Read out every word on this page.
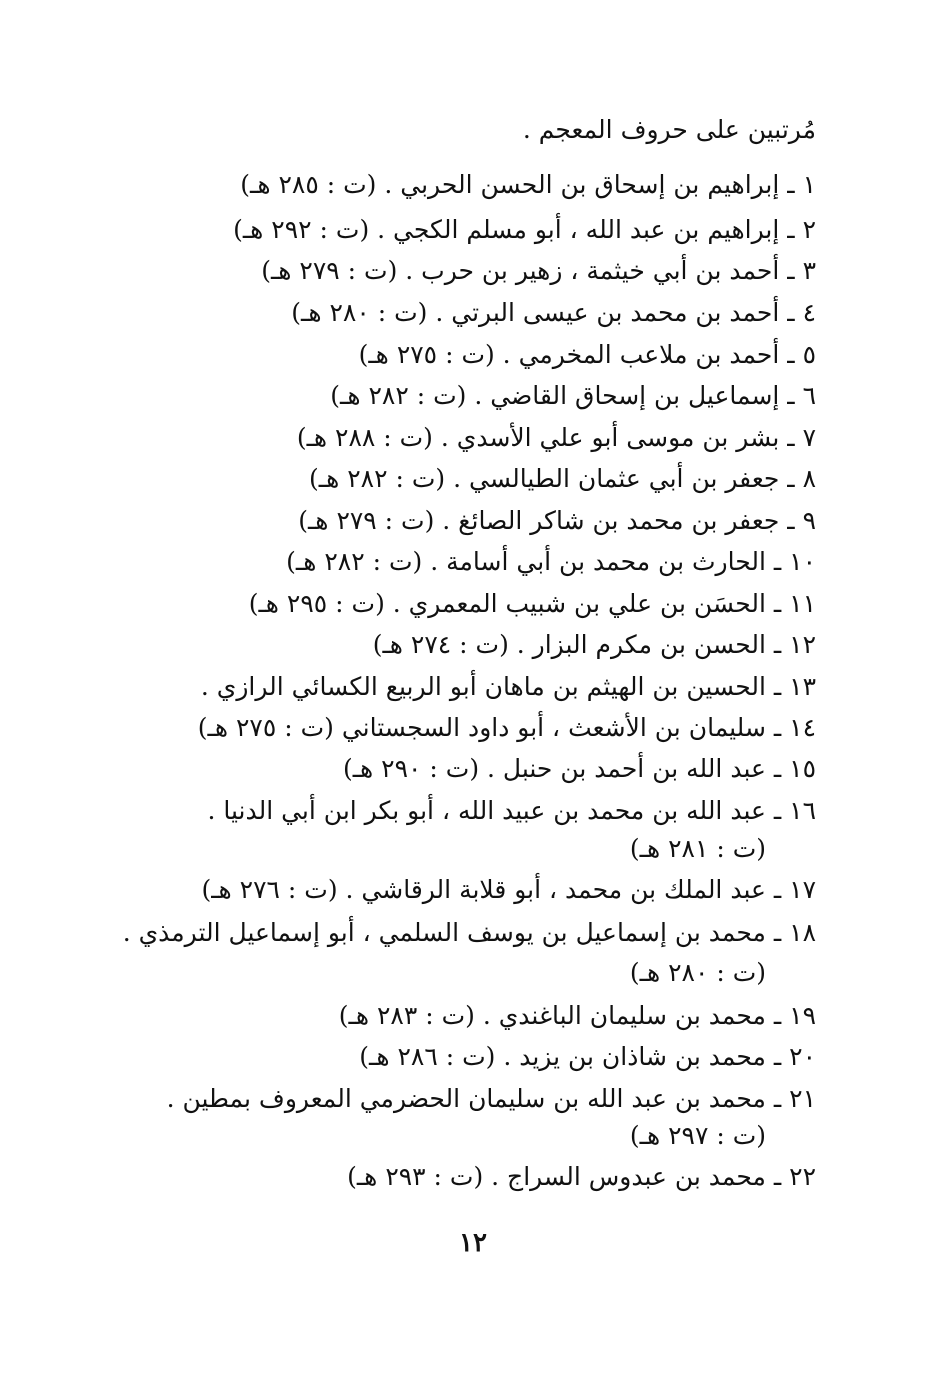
مُرتبين على حروف المعجم .
١ ـ إبراهيم بن إسحاق بن الحسن الحربي . (ت : ٢٨٥ هـ)
٢ ـ إبراهيم بن عبد الله ، أبو مسلم الكجي . (ت : ٢٩٢ هـ)
٣ ـ أحمد بن أبي خيثمة ، زهير بن حرب . (ت : ٢٧٩ هـ)
٤ ـ أحمد بن محمد بن عيسى البرتي . (ت : ٢٨٠ هـ)
٥ ـ أحمد بن ملاعب المخرمي . (ت : ٢٧٥ هـ)
٦ ـ إسماعيل بن إسحاق القاضي . (ت : ٢٨٢ هـ)
٧ ـ بشر بن موسى أبو علي الأسدي . (ت : ٢٨٨ هـ)
٨ ـ جعفر بن أبي عثمان الطيالسي . (ت : ٢٨٢ هـ)
٩ ـ جعفر بن محمد بن شاكر الصائغ . (ت : ٢٧٩ هـ)
١٠ ـ الحارث بن محمد بن أبي أسامة . (ت : ٢٨٢ هـ)
١١ ـ الحسَن بن علي بن شبيب المعمري . (ت : ٢٩٥ هـ)
١٢ ـ الحسن بن مكرم البزار . (ت : ٢٧٤ هـ)
١٣ ـ الحسين بن الهيثم بن ماهان أبو الربيع الكسائي الرازي .
١٤ ـ سليمان بن الأشعث ، أبو داود السجستاني (ت : ٢٧٥ هـ)
١٥ ـ عبد الله بن أحمد بن حنبل . (ت : ٢٩٠ هـ)
١٦ ـ عبد الله بن محمد بن عبيد الله ، أبو بكر ابن أبي الدنيا .
(ت : ٢٨١ هـ)
١٧ ـ عبد الملك بن محمد ، أبو قلابة الرقاشي . (ت : ٢٧٦ هـ)
١٨ ـ محمد بن إسماعيل بن يوسف السلمي ، أبو إسماعيل الترمذي .
(ت : ٢٨٠ هـ)
١٩ ـ محمد بن سليمان الباغندي . (ت : ٢٨٣ هـ)
٢٠ ـ محمد بن شاذان بن يزيد . (ت : ٢٨٦ هـ)
٢١ ـ محمد بن عبد الله بن سليمان الحضرمي المعروف بمطين .
(ت : ٢٩٧ هـ)
٢٢ ـ محمد بن عبدوس السراج . (ت : ٢٩٣ هـ)
١٢
